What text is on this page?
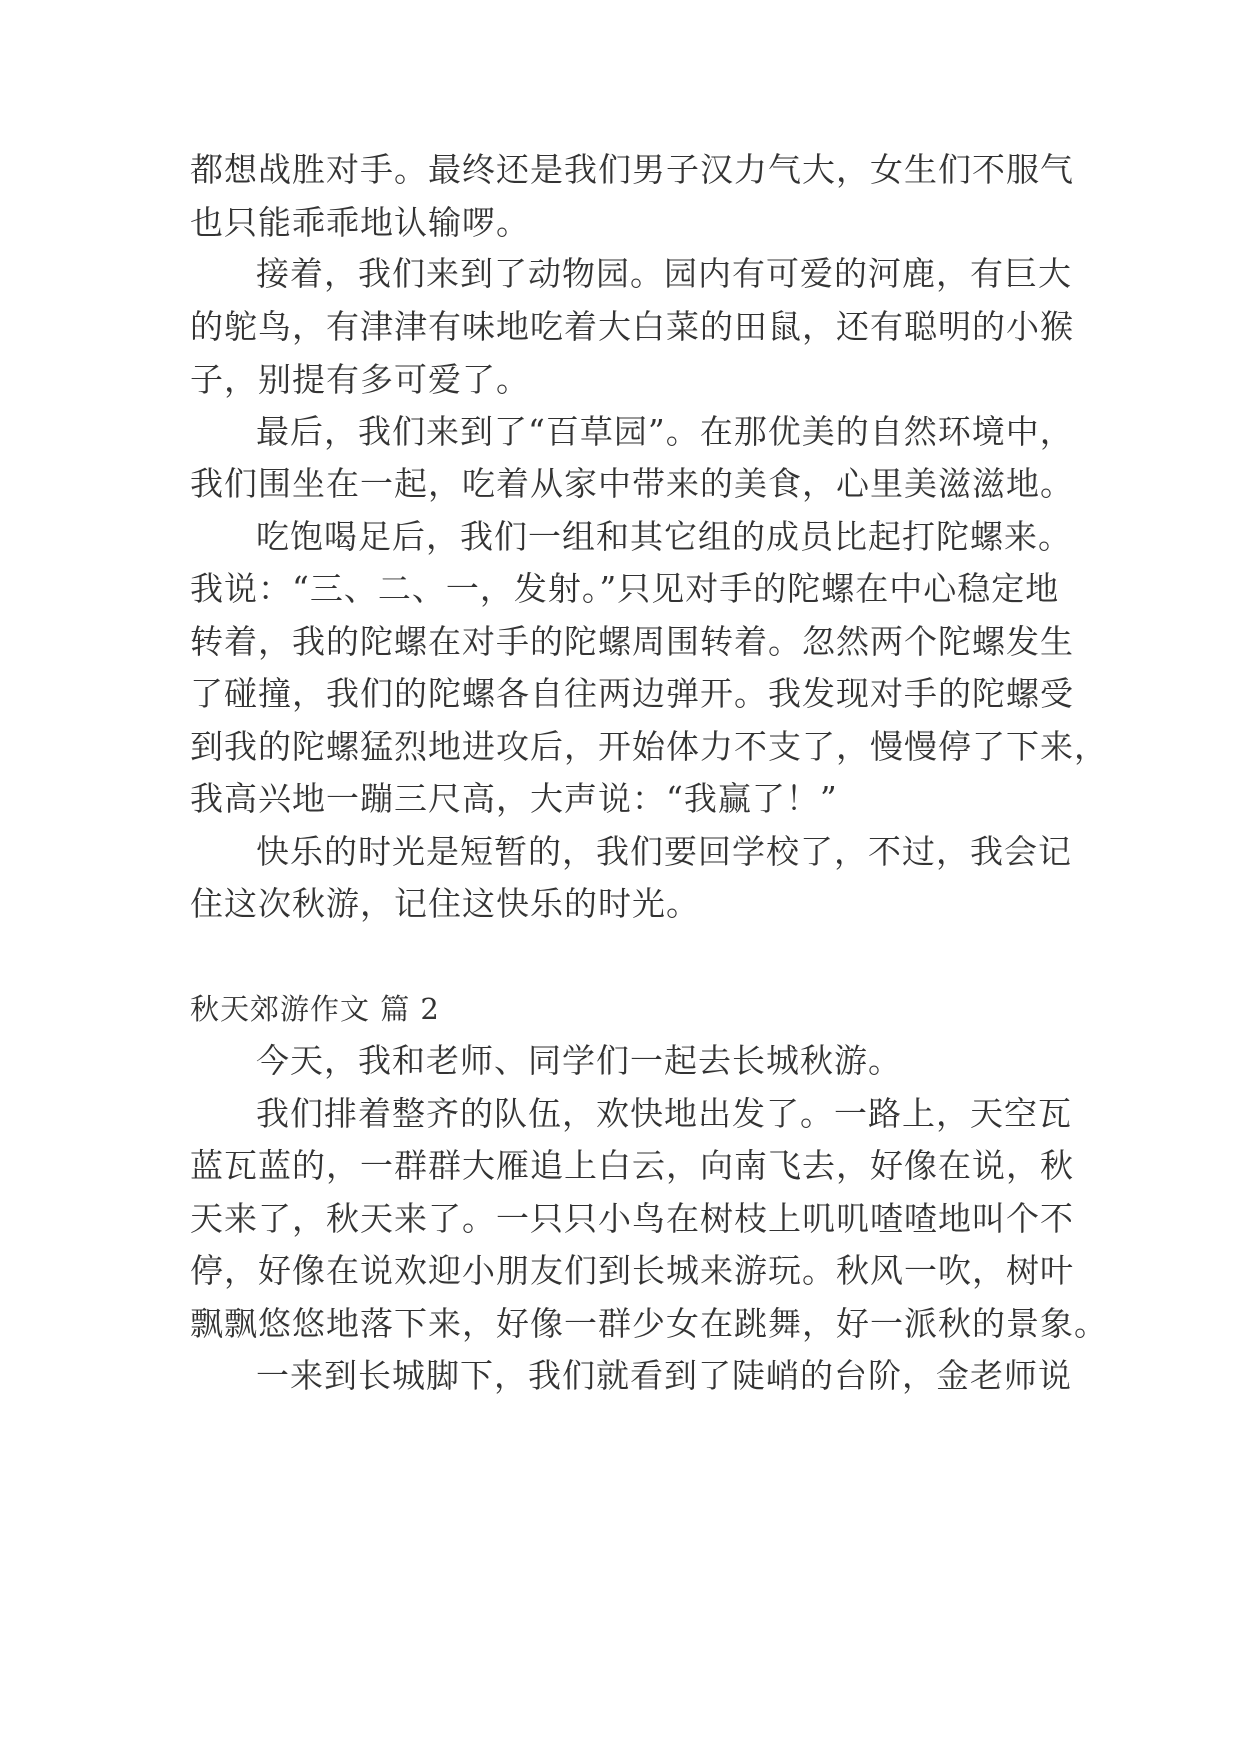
都想战胜对手。最终还是我们男子汉力气大，女生们不服气
也只能乖乖地认输啰。
接着，我们来到了动物园。园内有可爱的河鹿，有巨大
的鸵鸟，有津津有味地吃着大白菜的田鼠，还有聪明的小猴
子，别提有多可爱了。
最后，我们来到了“百草园”。在那优美的自然环境中，
我们围坐在一起，吃着从家中带来的美食，心里美滋滋地。
吃饱喝足后，我们一组和其它组的成员比起打陀螺来。
我说：“三、二、一，发射。”只见对手的陀螺在中心稳定地
转着，我的陀螺在对手的陀螺周围转着。忽然两个陀螺发生
了碰撞，我们的陀螺各自往两边弹开。我发现对手的陀螺受
到我的陀螺猛烈地进攻后，开始体力不支了，慢慢停了下来，
我高兴地一蹦三尺高，大声说：“我赢了！”
快乐的时光是短暂的，我们要回学校了，不过，我会记
住这次秋游，记住这快乐的时光。
秋天郊游作文 篇 2
今天，我和老师、同学们一起去长城秋游。
我们排着整齐的队伍，欢快地出发了。一路上，天空瓦
蓝瓦蓝的，一群群大雁追上白云，向南飞去，好像在说，秋
天来了，秋天来了。一只只小鸟在树枝上叽叽喳喳地叫个不
停，好像在说欢迎小朋友们到长城来游玩。秋风一吹，树叶
飘飘悠悠地落下来，好像一群少女在跳舞，好一派秋的景象。
一来到长城脚下，我们就看到了陡峭的台阶，金老师说
